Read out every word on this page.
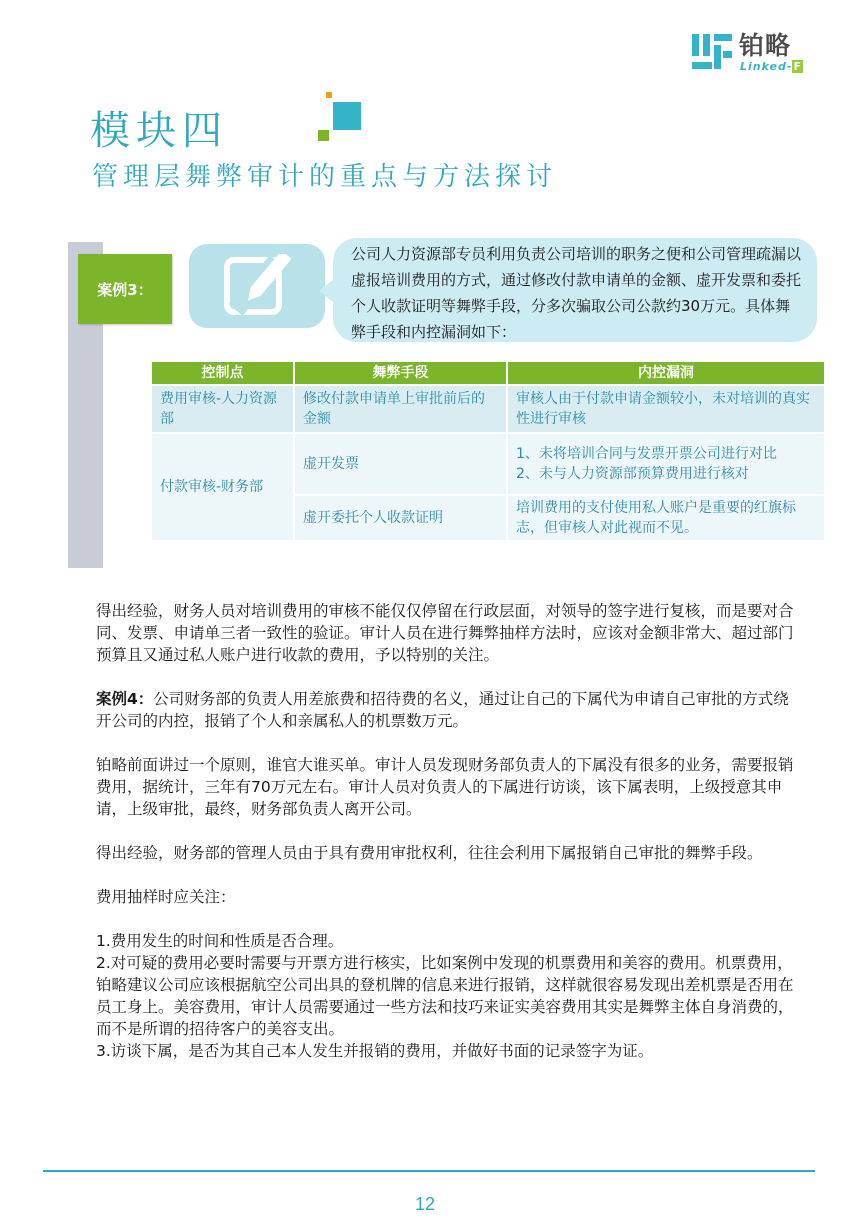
铂略
Linked-F
模块四
管理层舞弊审计的重点与方法探讨
案例3：
公司人力资源部专员利用负责公司培训的职务之便和公司管理疏漏以虚报培训费用的方式，通过修改付款申请单的金额、虚开发票和委托个人收款证明等舞弊手段，分多次骗取公司公款约30万元。具体舞弊手段和内控漏洞如下：
控制点	舞弊手段	内控漏洞
费用审核-人力资源部	修改付款申请单上审批前后的金额	审核人由于付款申请金额较小，未对培训的真实性进行审核
付款审核-财务部	虚开发票	1、未将培训合同与发票开票公司进行对比
2、未与人力资源部预算费用进行核对

	虚开委托个人收款证明	培训费用的支付使用私人账户是重要的红旗标志，但审核人对此视而不见。

得出经验，财务人员对培训费用的审核不能仅仅停留在行政层面，对领导的签字进行复核，而是要对合同、发票、申请单三者一致性的验证。审计人员在进行舞弊抽样方法时，应该对金额非常大、超过部门预算且又通过私人账户进行收款的费用，予以特别的关注。

案例4：公司财务部的负责人用差旅费和招待费的名义，通过让自己的下属代为申请自己审批的方式绕开公司的内控，报销了个人和亲属私人的机票数万元。

铂略前面讲过一个原则，谁官大谁买单。审计人员发现财务部负责人的下属没有很多的业务，需要报销费用，据统计，三年有70万元左右。审计人员对负责人的下属进行访谈，该下属表明，上级授意其申请，上级审批，最终，财务部负责人离开公司。

得出经验，财务部的管理人员由于具有费用审批权利，往往会利用下属报销自己审批的舞弊手段。

费用抽样时应关注：

1.费用发生的时间和性质是否合理。

2.对可疑的费用必要时需要与开票方进行核实，比如案例中发现的机票费用和美容的费用。机票费用，铂略建议公司应该根据航空公司出具的登机牌的信息来进行报销，这样就很容易发现出差机票是否用在员工身上。美容费用，审计人员需要通过一些方法和技巧来证实美容费用其实是舞弊主体自身消费的，而不是所谓的招待客户的美容支出。

3.访谈下属，是否为其自己本人发生并报销的费用，并做好书面的记录签字为证。

12
